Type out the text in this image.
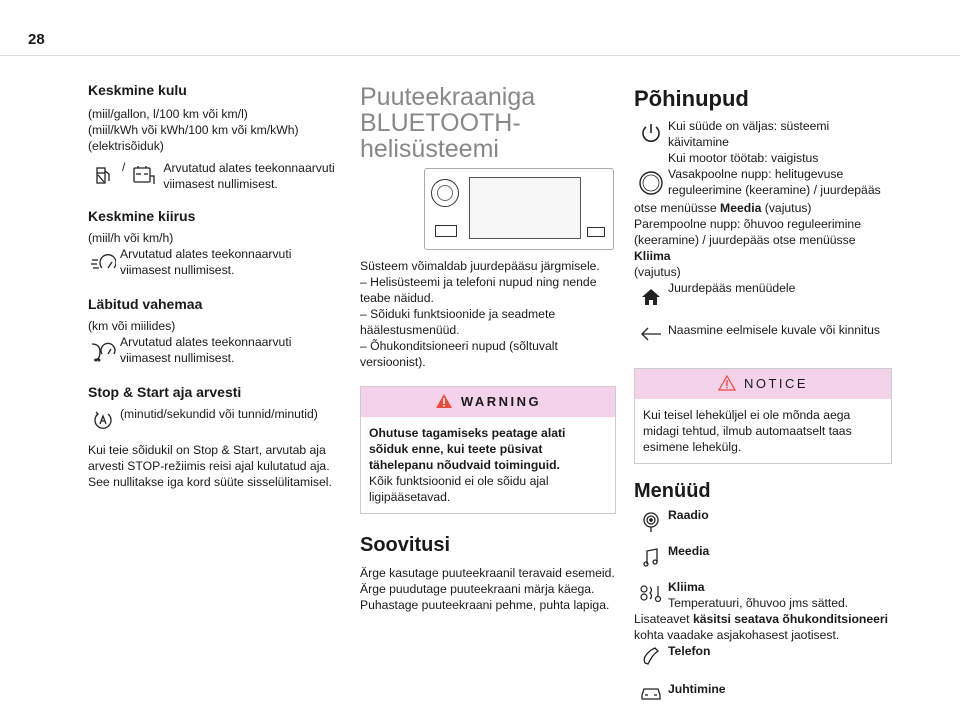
28
Keskmine kulu

(miil/gallon, l/100 km või km/l)
(miil/kWh või kWh/100 km või km/kWh)
(elektrisõiduk)

/	Arvutatud alates teekonnaarvuti viimasest nullimisest.

Keskmine kiirus

(miil/h või km/h)

Arvutatud alates teekonnaarvuti viimasest nullimisest.

Läbitud vahemaa

(km või miilides)

Arvutatud alates teekonnaarvuti viimasest nullimisest.

Stop & Start aja arvesti

(minutid/sekundid või tunnid/minutid)

Kui teie sõidukil on Stop & Start, arvutab aja arvesti STOP-režiimis reisi ajal kulutatud aja. See nullitakse iga kord süüte sisselülitamisel.

Puuteekraaniga BLUETOOTH-helisüsteemi

Süsteem võimaldab juurdepääsu järgmisele.
– Helisüsteemi ja telefoni nupud ning nende teabe näidud.
– Sõiduki funktsioonide ja seadmete häälestusmenüüd.
– Õhukonditsioneeri nupud (sõltuvalt versioonist).

WARNING

Ohutuse tagamiseks peatage alati sõiduk enne, kui teete püsivat tähelepanu nõudvaid toiminguid.

Kõik funktsioonid ei ole sõidu ajal ligipääsetavad.

Soovitusi

Ärge kasutage puuteekraanil teravaid esemeid.
Ärge puudutage puuteekraani märja käega.
Puhastage puuteekraani pehme, puhta lapiga.

Põhinupud

Kui süüde on väljas: süsteemi käivitamine
Kui mootor töötab: vaigistus

Vasakpoolne nupp: helitugevuse reguleerimine (keeramine) / juurdepääs

otse menüüsse Meedia (vajutus)
Parempoolne nupp: õhuvoo reguleerimine (keeramine) / juurdepääs otse menüüsse Kliima
(vajutus)

Juurdepääs menüüdele

Naasmine eelmisele kuvale või kinnitus

NOTICE

Kui teisel leheküljel ei ole mõnda aega midagi tehtud, ilmub automaatselt taas esimene lehekülg.

Menüüd

Raadio

Meedia

Kliima

Temperatuuri, õhuvoo jms sätted.

Lisateavet käsitsi seatava õhukonditsioneeri kohta vaadake asjakohasest jaotisest.

Telefon

Juhtimine
